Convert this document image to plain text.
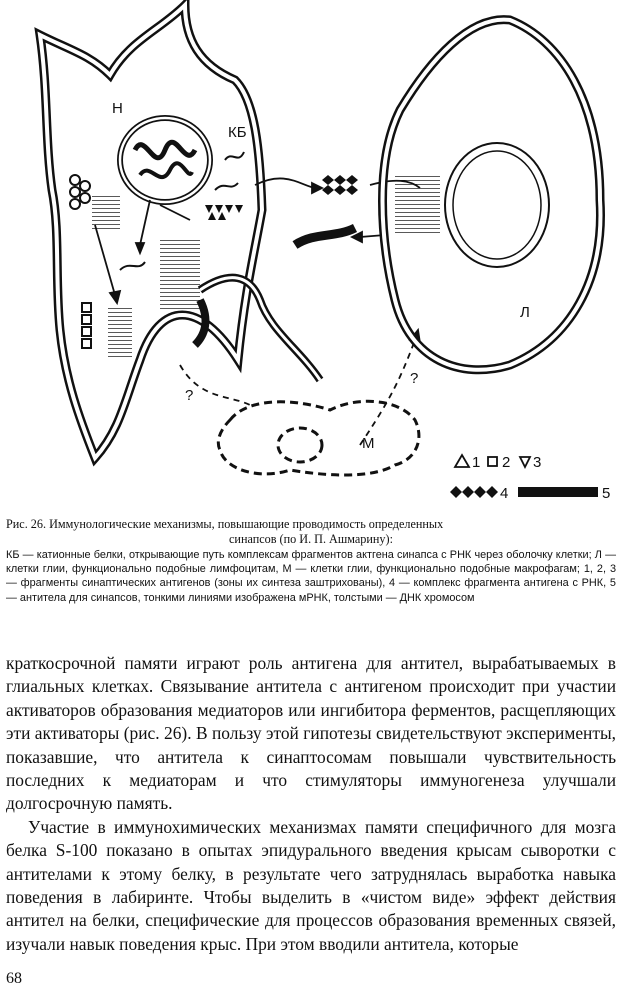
Н
КБ
Л
М
?
?
1 2 3
4	5

Рис. 26. Иммунологические механизмы, повышающие проводимость определенных

синапсов (по И. П. Ашмарину):

КБ — катионные белки, открывающие путь комплексам фрагментов актгена синапса с РНК через оболочку клетки; Л — клетки глии, функционально подобные лимфоцитам, М — клетки глии, функционально подобные макрофагам; 1, 2, 3 — фрагменты синаптических антигенов (зоны их синтеза заштрихованы), 4 — комплекс фрагмента антигена с РНК, 5 — антитела для синапсов, тонкими линиями изображена мРНК, толстыми — ДНК хромосом

краткосрочной памяти играют роль антигена для антител, вырабатываемых в глиальных клетках. Связывание антитела с антигеном происходит при участии активаторов образования медиаторов или ингибитора ферментов, расщепляющих эти активаторы (рис. 26). В пользу этой гипотезы свидетельствуют эксперименты, показавшие, что антитела к синаптосомам повышали чувствительность последних к медиаторам и что стимуляторы иммуногенеза улучшали долгосрочную память.

Участие в иммунохимических механизмах памяти специфичного для мозга белка S-100 показано в опытах эпидурального введения крысам сыворотки с антителами к этому белку, в результате чего затруднялась выработка навыка поведения в лабиринте. Чтобы выделить в «чистом виде» эффект действия антител на белки, специфические для процессов образования временных связей, изучали навык поведения крыс. При этом вводили антитела, которые

68
